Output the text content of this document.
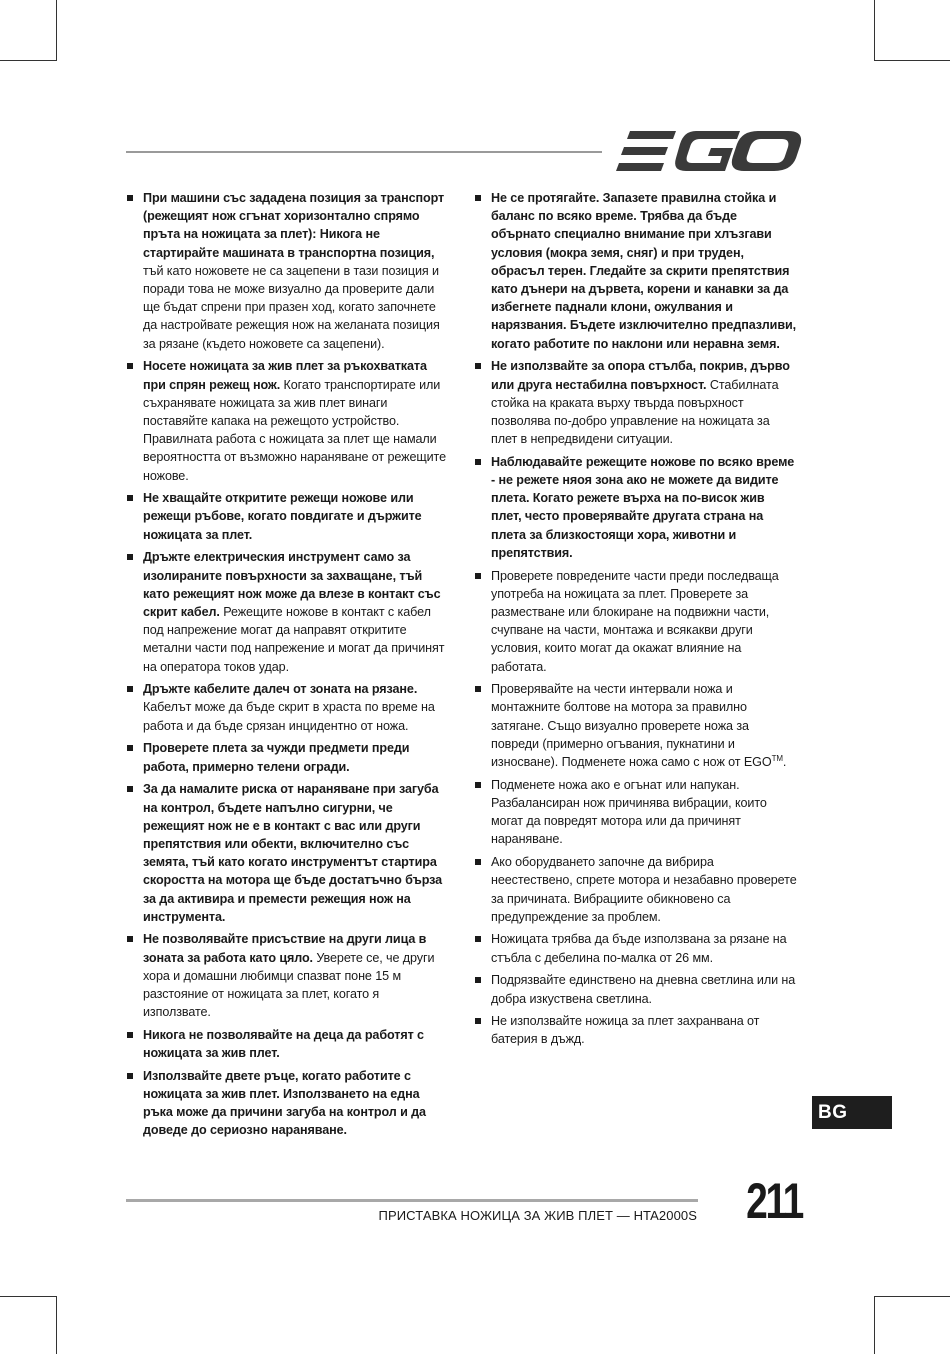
При машини със зададена позиция за транспорт (режещият нож сгънат хоризонтално спрямо пръта на ножицата за плет): Никога не стартирайте машината в транспортна позиция, тъй като ножовете не са зацепени в тази позиция и поради това не може визуално да проверите дали ще бъдат спрени при празен ход, когато започнете да настройвате режещия нож на желаната позиция за рязане (където ножовете са зацепени).
Носете ножицата за жив плет за ръкохватката при спрян режещ нож. Когато транспортирате или съхранявате ножицата за жив плет винаги поставяйте капака на режещото устройство. Правилната работа с ножицата за плет ще намали вероятността от възможно нараняване от режещите ножове.
Не хващайте откритите режещи ножове или режещи ръбове, когато повдигате и държите ножицата за плет.
Дръжте електрическия инструмент само за изолираните повърхности за захващане, тъй като режещият нож може да влезе в контакт със скрит кабел. Режещите ножове в контакт с кабел под напрежение могат да направят откритите метални части под напрежение и могат да причинят на оператора токов удар.
Дръжте кабелите далеч от зоната на рязане. Кабелът може да бъде скрит в храста по време на работа и да бъде срязан инцидентно от ножа.
Проверете плета за чужди предмети преди работа, примерно телени огради.
За да намалите риска от нараняване при загуба на контрол, бъдете напълно сигурни, че режещият нож не е в контакт с вас или други препятствия или обекти, включително със земята, тъй като когато инструментът стартира скоростта на мотора ще бъде достатъчно бърза за да активира и премести режещия нож на инструмента.
Не позволявайте присъствие на други лица в зоната за работа като цяло. Уверете се, че други хора и домашни любимци спазват поне 15 м разстояние от ножицата за плет, когато я използвате.
Никога не позволявайте на деца да работят с ножицата за жив плет.
Използвайте двете ръце, когато работите с ножицата за жив плет. Използването на една ръка може да причини загуба на контрол и да доведе до сериозно нараняване.
Не се протягайте. Запазете правилна стойка и баланс по всяко време. Трябва да бъде обърнато специално внимание при хлъзгави условия (мокра земя, сняг) и при труден, обрасъл терен. Гледайте за скрити препятствия като дънери на дървета, корени и канавки за да избегнете паднали клони, ожулвания и нарязвания. Бъдете изключително предпазливи, когато работите по наклони или неравна земя.
Не използвайте за опора стълба, покрив, дърво или друга нестабилна повърхност. Стабилната стойка на краката върху твърда повърхност позволява по-добро управление на ножицата за плет в непредвидени ситуации.
Наблюдавайте режещите ножове по всяко време - не режете няоя зона ако не можете да видите плета. Когато режете върха на по-висок жив плет, често проверявайте другата страна на плета за близкостоящи хора, животни и препятствия.
Проверете повредените части преди последваща употреба на ножицата за плет. Проверете за разместване или блокиране на подвижни части, счупване на части, монтажа и всякакви други условия, които могат да окажат влияние на работата.
Проверявайте на чести интервали ножа и монтажните болтове на мотора за правилно затягане. Също визуално проверете ножа за повреди (примерно огъвания, пукнатини и износване). Подменете ножа само с нож от EGO™.
Подменете ножа ако е огънат или напукан. Разбалансиран нож причинява вибрации, които могат да повредят мотора или да причинят нараняване.
Ако оборудването започне да вибрира неестествено, спрете мотора и незабавно проверете за причината. Вибрациите обикновено са предупреждение за проблем.
Ножицата трябва да бъде използвана за рязане на стъбла с дебелина по-малка от 26 мм.
Подрязвайте единствено на дневна светлина или на добра изкуствена светлина.
Не използвайте ножица за плет захранвана от батерия в дъжд.
BG
ПРИСТАВКА НОЖИЦА ЗА ЖИВ ПЛЕТ — HTA2000S 211
